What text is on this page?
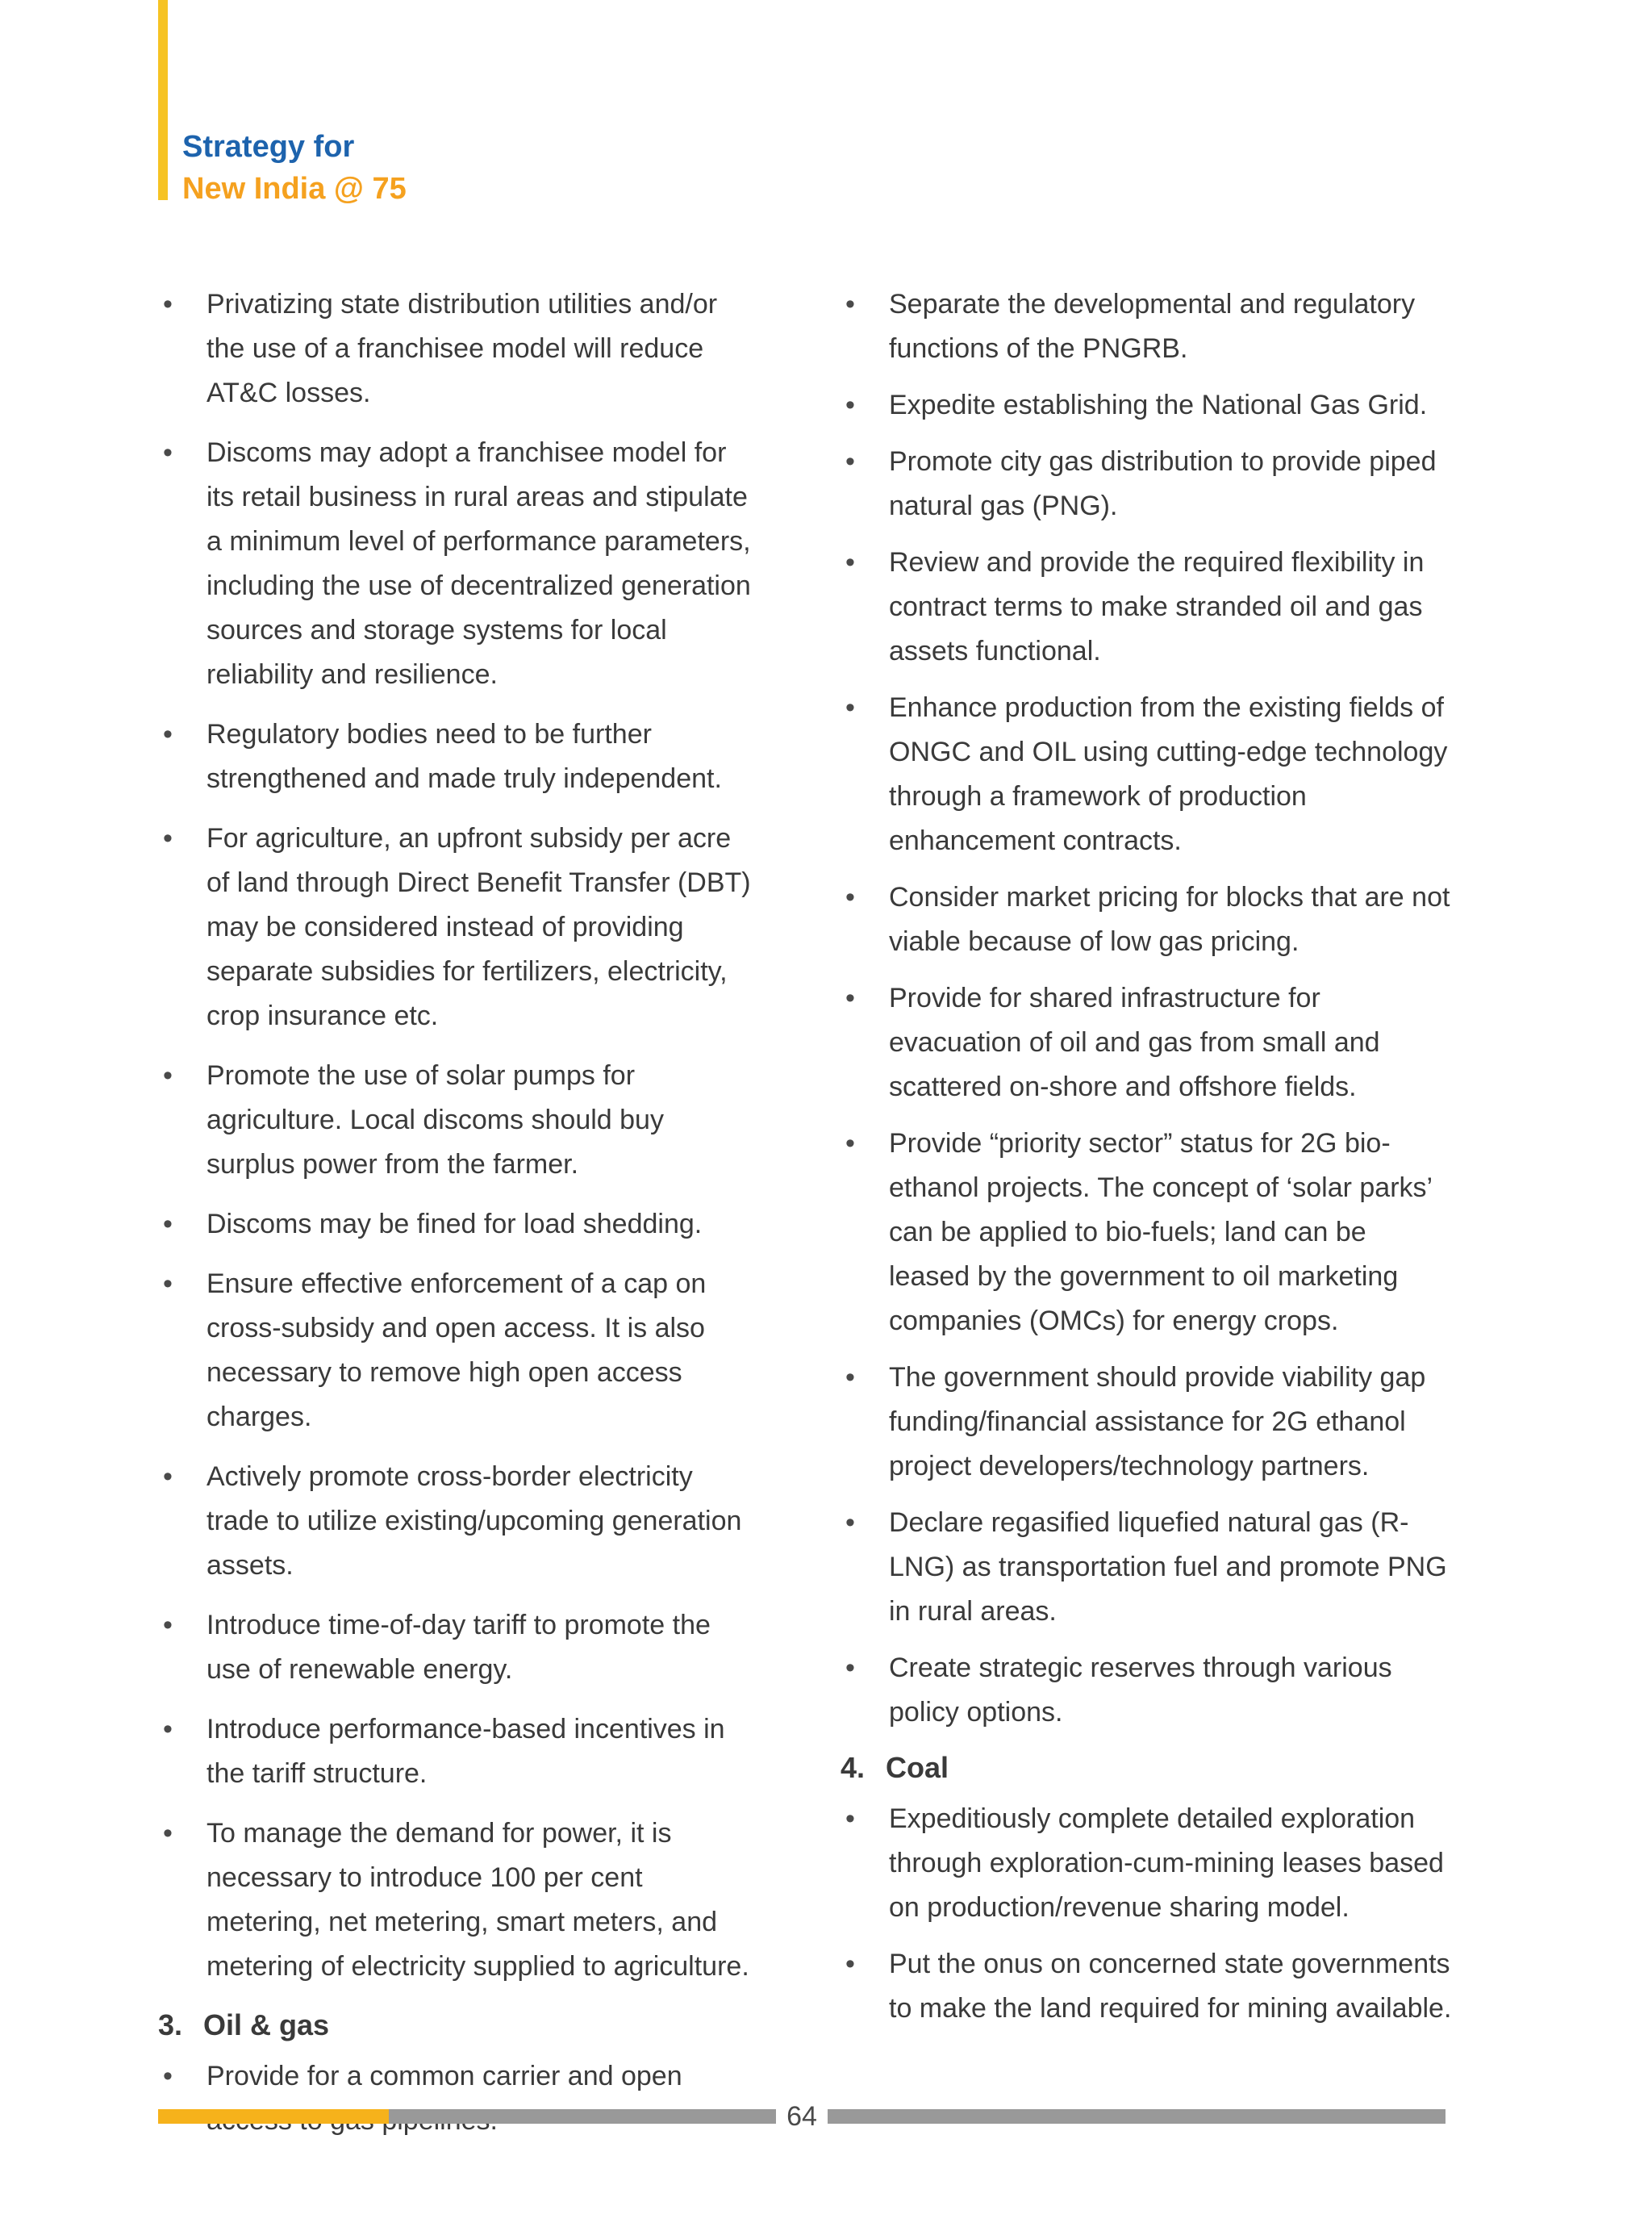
Strategy for
New India @ 75
• Privatizing state distribution utilities and/or the use of a franchisee model will reduce AT&C losses.
• Discoms may adopt a franchisee model for its retail business in rural areas and stipulate a minimum level of performance parameters, including the use of decentralized generation sources and storage systems for local reliability and resilience.
• Regulatory bodies need to be further strengthened and made truly independent.
• For agriculture, an upfront subsidy per acre of land through Direct Benefit Transfer (DBT) may be considered instead of providing separate subsidies for fertilizers, electricity, crop insurance etc.
• Promote the use of solar pumps for agriculture. Local discoms should buy surplus power from the farmer.
• Discoms may be fined for load shedding.
• Ensure effective enforcement of a cap on cross-subsidy and open access. It is also necessary to remove high open access charges.
• Actively promote cross-border electricity trade to utilize existing/upcoming generation assets.
• Introduce time-of-day tariff to promote the use of renewable energy.
• Introduce performance-based incentives in the tariff structure.
• To manage the demand for power, it is necessary to introduce 100 per cent metering, net metering, smart meters, and metering of electricity supplied to agriculture.
3. Oil & gas
• Provide for a common carrier and open
• Separate the developmental and regulatory functions of the PNGRB.
• Expedite establishing the National Gas Grid.
• Promote city gas distribution to provide piped natural gas (PNG).
• Review and provide the required flexibility in contract terms to make stranded oil and gas assets functional.
• Enhance production from the existing fields of ONGC and OIL using cutting-edge technology through a framework of production enhancement contracts.
• Consider market pricing for blocks that are not viable because of low gas pricing.
• Provide for shared infrastructure for evacuation of oil and gas from small and scattered on-shore and offshore fields.
• Provide “priority sector” status for 2G bio-ethanol projects. The concept of ‘solar parks’ can be applied to bio-fuels; land can be leased by the government to oil marketing companies (OMCs) for energy crops.
• The government should provide viability gap funding/financial assistance for 2G ethanol project developers/technology partners.
• Declare regasified liquefied natural gas (R-LNG) as transportation fuel and promote PNG in rural areas.
• Create strategic reserves through various policy options.
4. Coal
• Expeditiously complete detailed exploration through exploration-cum-mining leases based on production/revenue sharing model.
• Put the onus on concerned state governments to make the land required for mining available.
64
